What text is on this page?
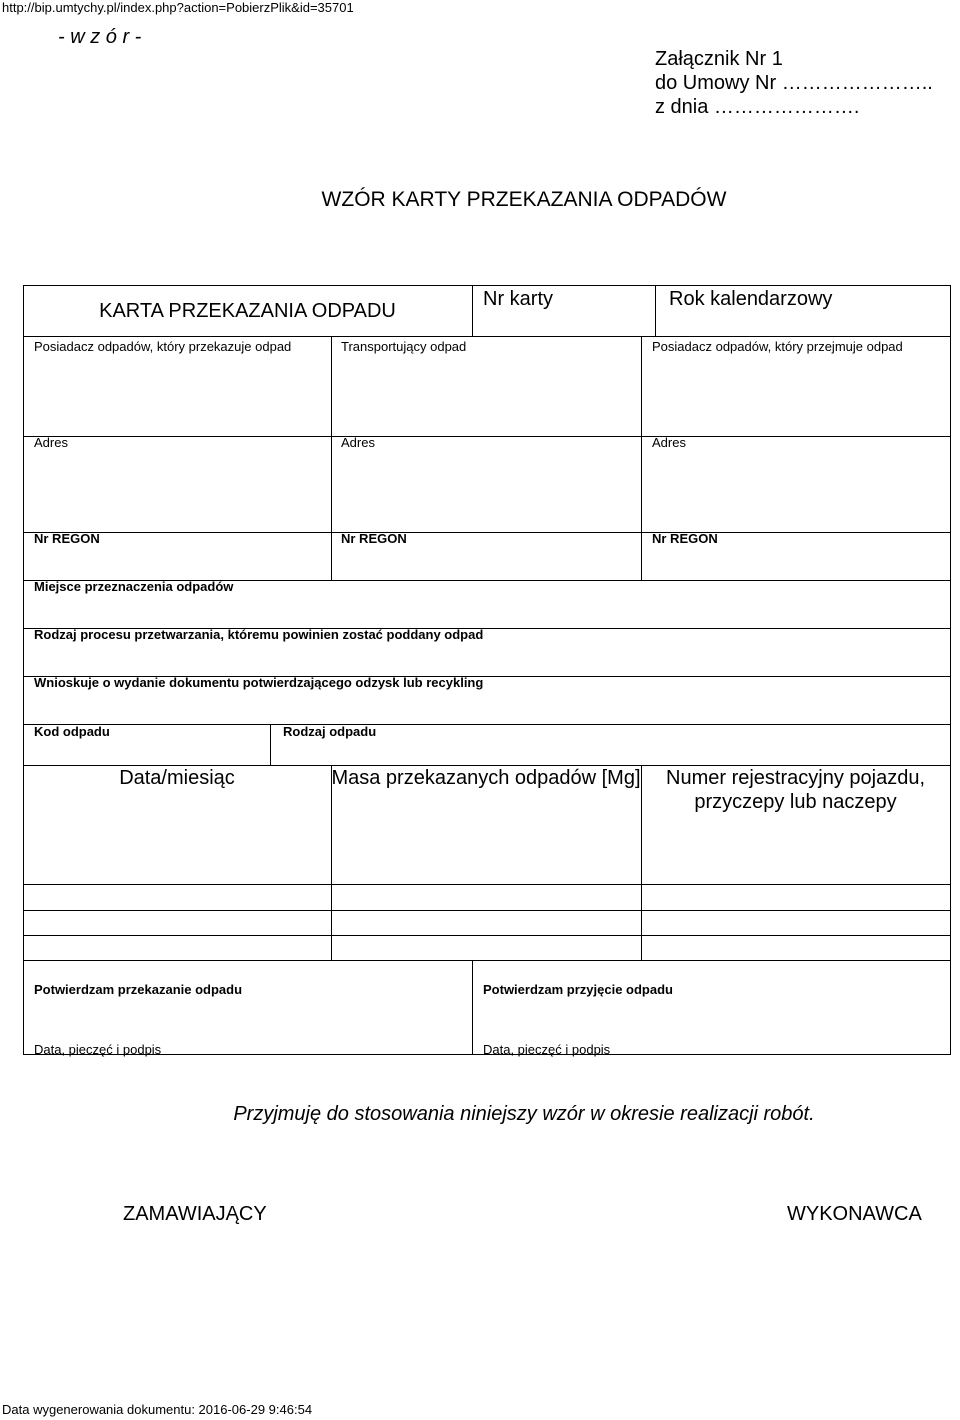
http://bip.umtychy.pl/index.php?action=PobierzPlik&id=35701
- w z ó r -
Załącznik Nr 1
do Umowy Nr …………………..
z dnia ………………….
WZÓR KARTY PRZEKAZANIA ODPADÓW
KARTA PRZEKAZANIA ODPADU
Nr karty	Rok kalendarzowy
Posiadacz odpadów, który przekazuje odpad	Transportujący odpad	Posiadacz odpadów, który przejmuje odpad
Adres	Adres	Adres
Nr REGON	Nr REGON	Nr REGON
Miejsce przeznaczenia odpadów
Rodzaj procesu przetwarzania, któremu powinien zostać poddany odpad
Wnioskuje o wydanie dokumentu potwierdzającego odzysk lub recykling
Kod odpadu	Rodzaj odpadu
Data/miesiąc	Masa przekazanych odpadów [Mg]	Numer rejestracyjny pojazdu, przyczepy lub naczepy
Potwierdzam przekazanie odpadu	Potwierdzam przyjęcie odpadu
Data, pieczęć i podpis	Data, pieczęć i podpis
Przyjmuję do stosowania niniejszy wzór w okresie realizacji robót.
ZAMAWIAJĄCY	WYKONAWCA
Data wygenerowania dokumentu: 2016-06-29 9:46:54
